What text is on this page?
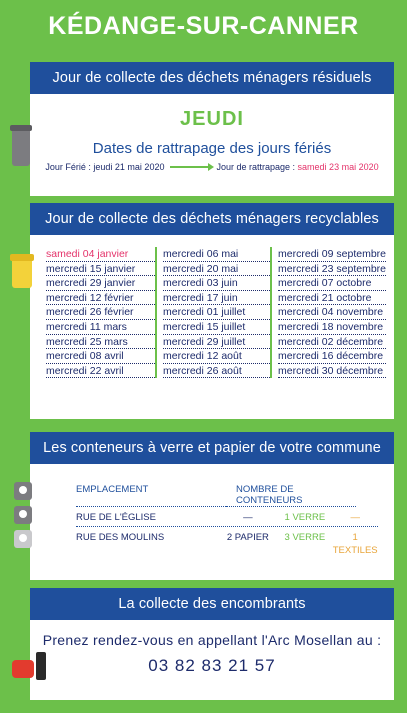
KÉDANGE-SUR-CANNER
Jour de collecte des déchets ménagers résiduels
JEUDI
Dates de rattrapage des jours fériés
Jour Férié : jeudi 21 mai 2020	Jour de rattrapage : samedi 23 mai 2020
Jour de collecte des déchets ménagers recyclables
samedi 04 janvier
mercredi 15 janvier
mercredi 29 janvier
mercredi 12 février
mercredi 26 février
mercredi 11 mars
mercredi 25 mars
mercredi 08 avril
mercredi 22 avril
mercredi 06 mai
mercredi 20 mai
mercredi 03 juin
mercredi 17 juin
mercredi 01 juillet
mercredi 15 juillet
mercredi 29 juillet
mercredi 12 août
mercredi 26 août
mercredi 09 septembre
mercredi 23 septembre
mercredi 07 octobre
mercredi 21 octobre
mercredi 04 novembre
mercredi 18 novembre
mercredi 02 décembre
mercredi 16 décembre
mercredi 30 décembre
Les conteneurs à verre et papier de votre commune
EMPLACEMENT	NOMBRE DE CONTENEURS
RUE DE L'ÉGLISE	—	1 VERRE	—
RUE DES MOULINS	2 PAPIER	3 VERRE	1 TEXTILES
La collecte des encombrants
Prenez rendez-vous en appellant l'Arc Mosellan au :
03 82 83 21 57
